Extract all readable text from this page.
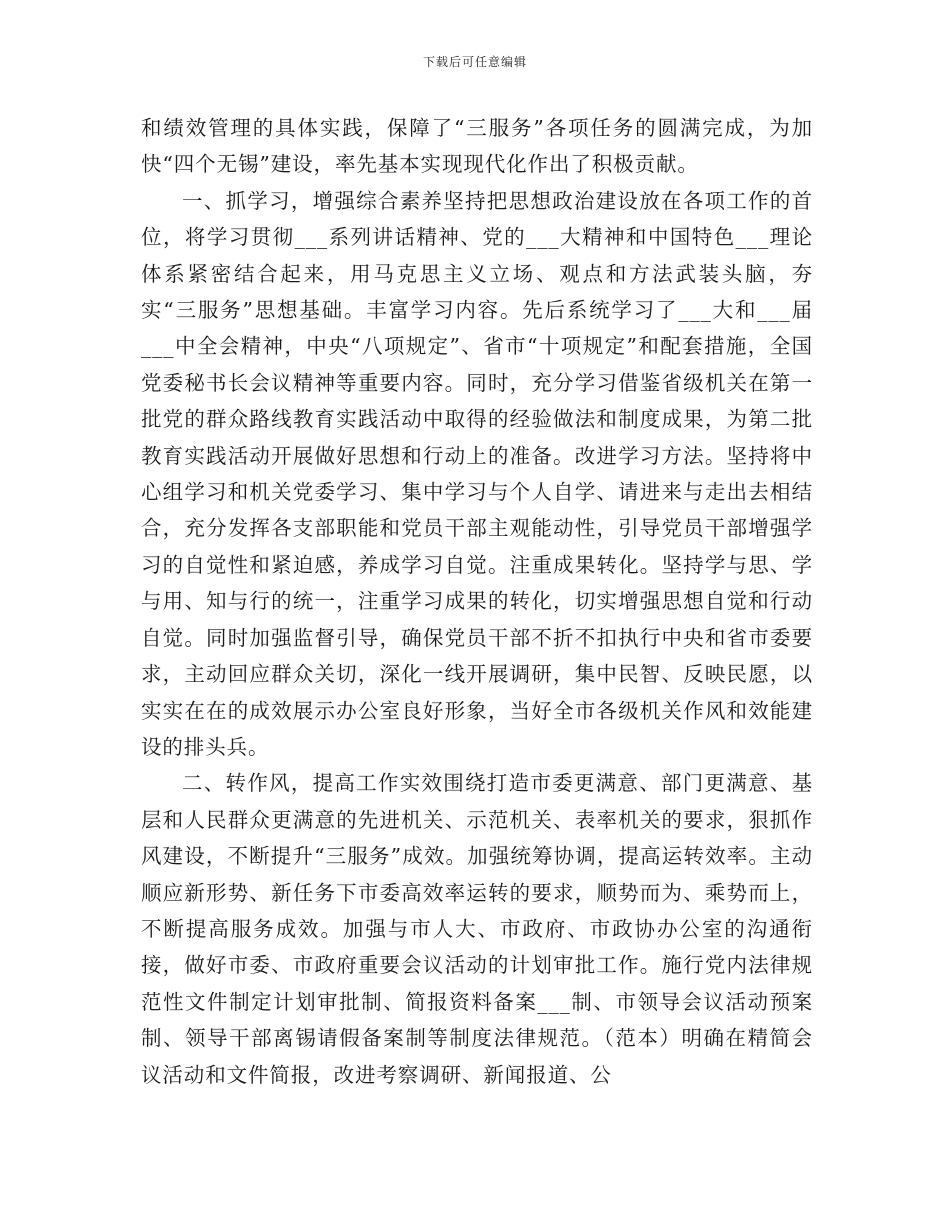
下载后可任意编辑

和绩效管理的具体实践，保障了“三服务”各项任务的圆满完成，为加快“四个无锡”建设，率先基本实现现代化作出了积极贡献。

一、抓学习，增强综合素养坚持把思想政治建设放在各项工作的首位，将学习贯彻___系列讲话精神、党的___大精神和中国特色___理论体系紧密结合起来，用马克思主义立场、观点和方法武装头脑，夯实“三服务”思想基础。丰富学习内容。先后系统学习了___大和___届___中全会精神，中央“八项规定”、省市“十项规定”和配套措施，全国党委秘书长会议精神等重要内容。同时，充分学习借鉴省级机关在第一批党的群众路线教育实践活动中取得的经验做法和制度成果，为第二批教育实践活动开展做好思想和行动上的准备。改进学习方法。坚持将中心组学习和机关党委学习、集中学习与个人自学、请进来与走出去相结合，充分发挥各支部职能和党员干部主观能动性，引导党员干部增强学习的自觉性和紧迫感，养成学习自觉。注重成果转化。坚持学与思、学与用、知与行的统一，注重学习成果的转化，切实增强思想自觉和行动自觉。同时加强监督引导，确保党员干部不折不扣执行中央和省市委要求，主动回应群众关切，深化一线开展调研，集中民智、反映民愿，以实实在在的成效展示办公室良好形象，当好全市各级机关作风和效能建设的排头兵。

二、转作风，提高工作实效围绕打造市委更满意、部门更满意、基层和人民群众更满意的先进机关、示范机关、表率机关的要求，狠抓作风建设，不断提升“三服务”成效。加强统筹协调，提高运转效率。主动顺应新形势、新任务下市委高效率运转的要求，顺势而为、乘势而上，不断提高服务成效。加强与市人大、市政府、市政协办公室的沟通衔接，做好市委、市政府重要会议活动的计划审批工作。施行党内法律规范性文件制定计划审批制、简报资料备案___制、市领导会议活动预案制、领导干部离锡请假备案制等制度法律规范。（范本）明确在精简会议活动和文件简报，改进考察调研、新闻报道、公
